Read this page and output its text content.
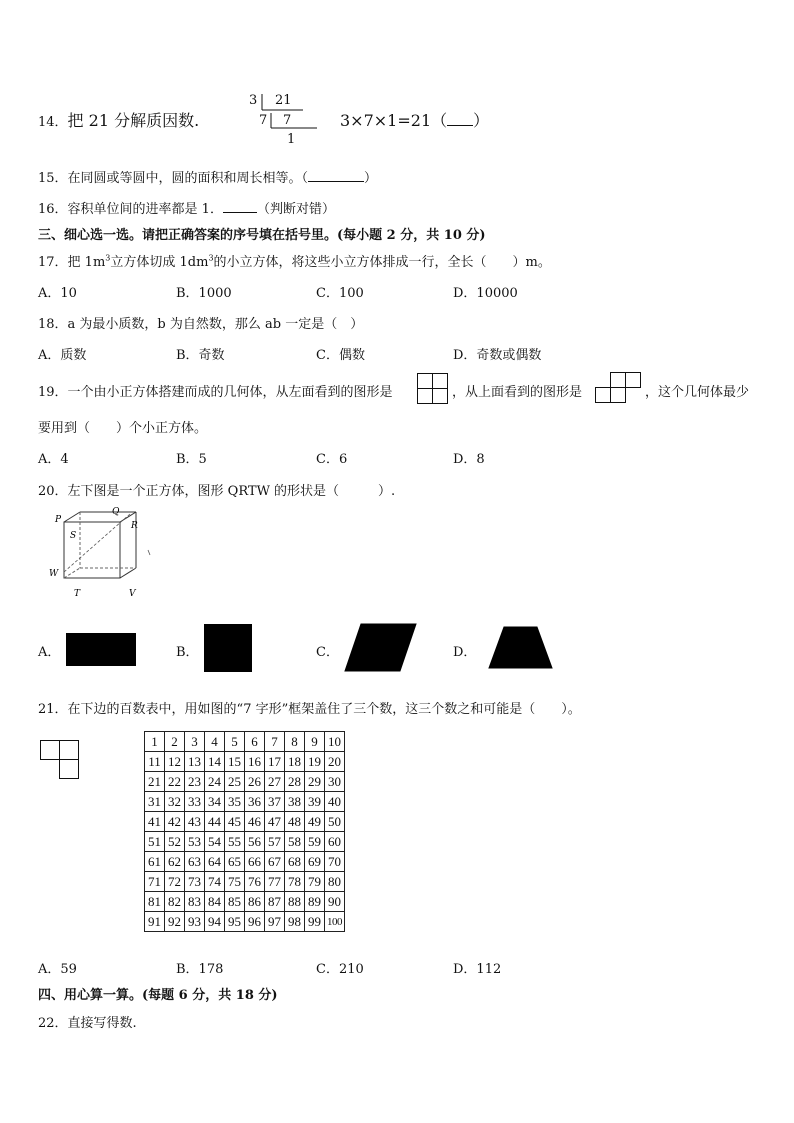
14．把 21 分解质因数.
3 21
7 7
1
3×7×1=21（ ）
15．在同圆或等圆中，圆的面积和周长相等。（	）
16．容积单位间的进率都是 1．	（判断对错）
三、细心选一选。请把正确答案的序号填在括号里。(每小题 2 分，共 10 分)
17．把 $1m^3$立方体切成 $1dm^3$的小立方体，将这些小立方体排成一行，全长（　　）m。
A．10	B．1000	C．100	D．10000
18．a 为最小质数，b 为自然数，那么 ab 一定是（　）
A．质数	B．奇数	C．偶数	D．奇数或偶数
19．一个由小正方体搭建而成的几何体，从左面看到的图形是	，从上面看到的图形是	，这个几何体最少
要用到（　　）个小正方体。
A．4	B．5	C．6	D．8
20．左下图是一个正方体，图形 QRTW 的形状是（　　　）.
P
Q
S
R
W
T	V
A．	B．	C．	D．
21．在下边的百数表中，用如图的“7 字形”框架盖住了三个数，这三个数之和可能是（　　）。
1	2	3	4	5	6	7	8	9	10
11	12	13	14	15	16	17	18	19	20
21	22	23	24	25	26	27	28	29	30
31	32	33	34	35	36	37	38	39	40
41	42	43	44	45	46	47	48	49	50
51	52	53	54	55	56	57	58	59	60
61	62	63	64	65	66	67	68	69	70
71	72	73	74	75	76	77	78	79	80
81	82	83	84	85	86	87	88	89	90
91	92	93	94	95	96	97	98	99	100
A．59	B．178	C．210	D．112
四、用心算一算。(每题 6 分，共 18 分)
22．直接写得数.
